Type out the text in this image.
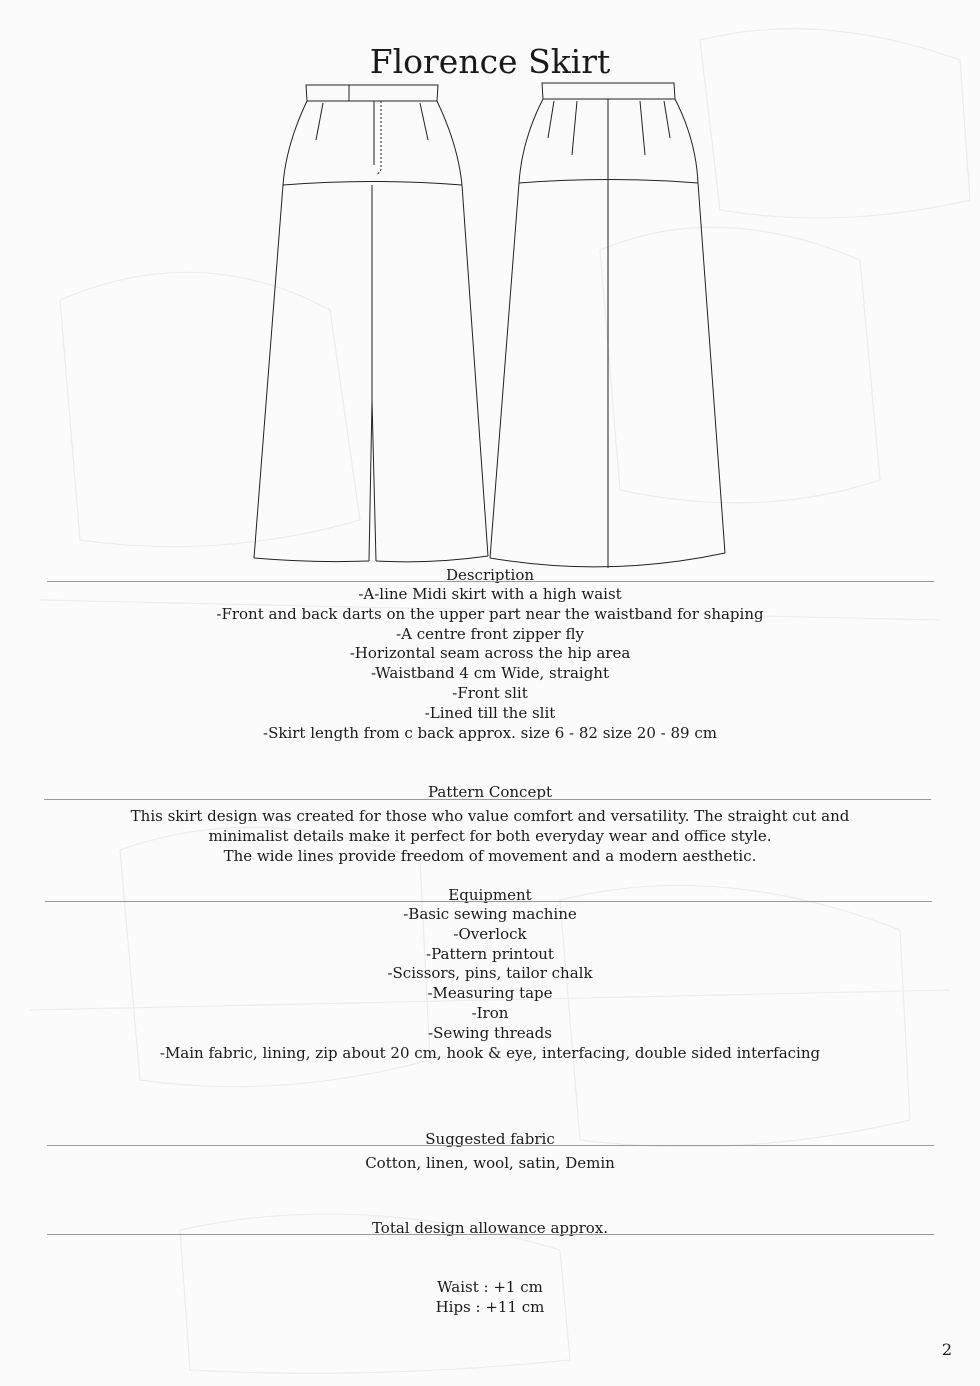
Florence Skirt
Description
-A-line Midi skirt with a high waist
-Front and back darts on the upper part near the waistband for shaping
-A centre front zipper fly
-Horizontal seam across the hip area
-Waistband 4 cm Wide, straight
-Front slit
-Lined till the slit
-Skirt length from c back approx. size 6 - 82 size 20 - 89 cm
Pattern Concept
This skirt design was created for those who value comfort and versatility. The straight cut and
minimalist details make it perfect for both everyday wear and office style.
The wide lines provide freedom of movement and a modern aesthetic.
Equipment
-Basic sewing machine
-Overlock
-Pattern printout
-Scissors, pins, tailor chalk
-Measuring tape
-Iron
-Sewing threads
-Main fabric, lining, zip about 20 cm, hook & eye, interfacing, double sided interfacing
Suggested fabric
Cotton, linen, wool, satin, Demin
Total design allowance approx.
Waist : +1 cm
Hips : +11 cm
2
